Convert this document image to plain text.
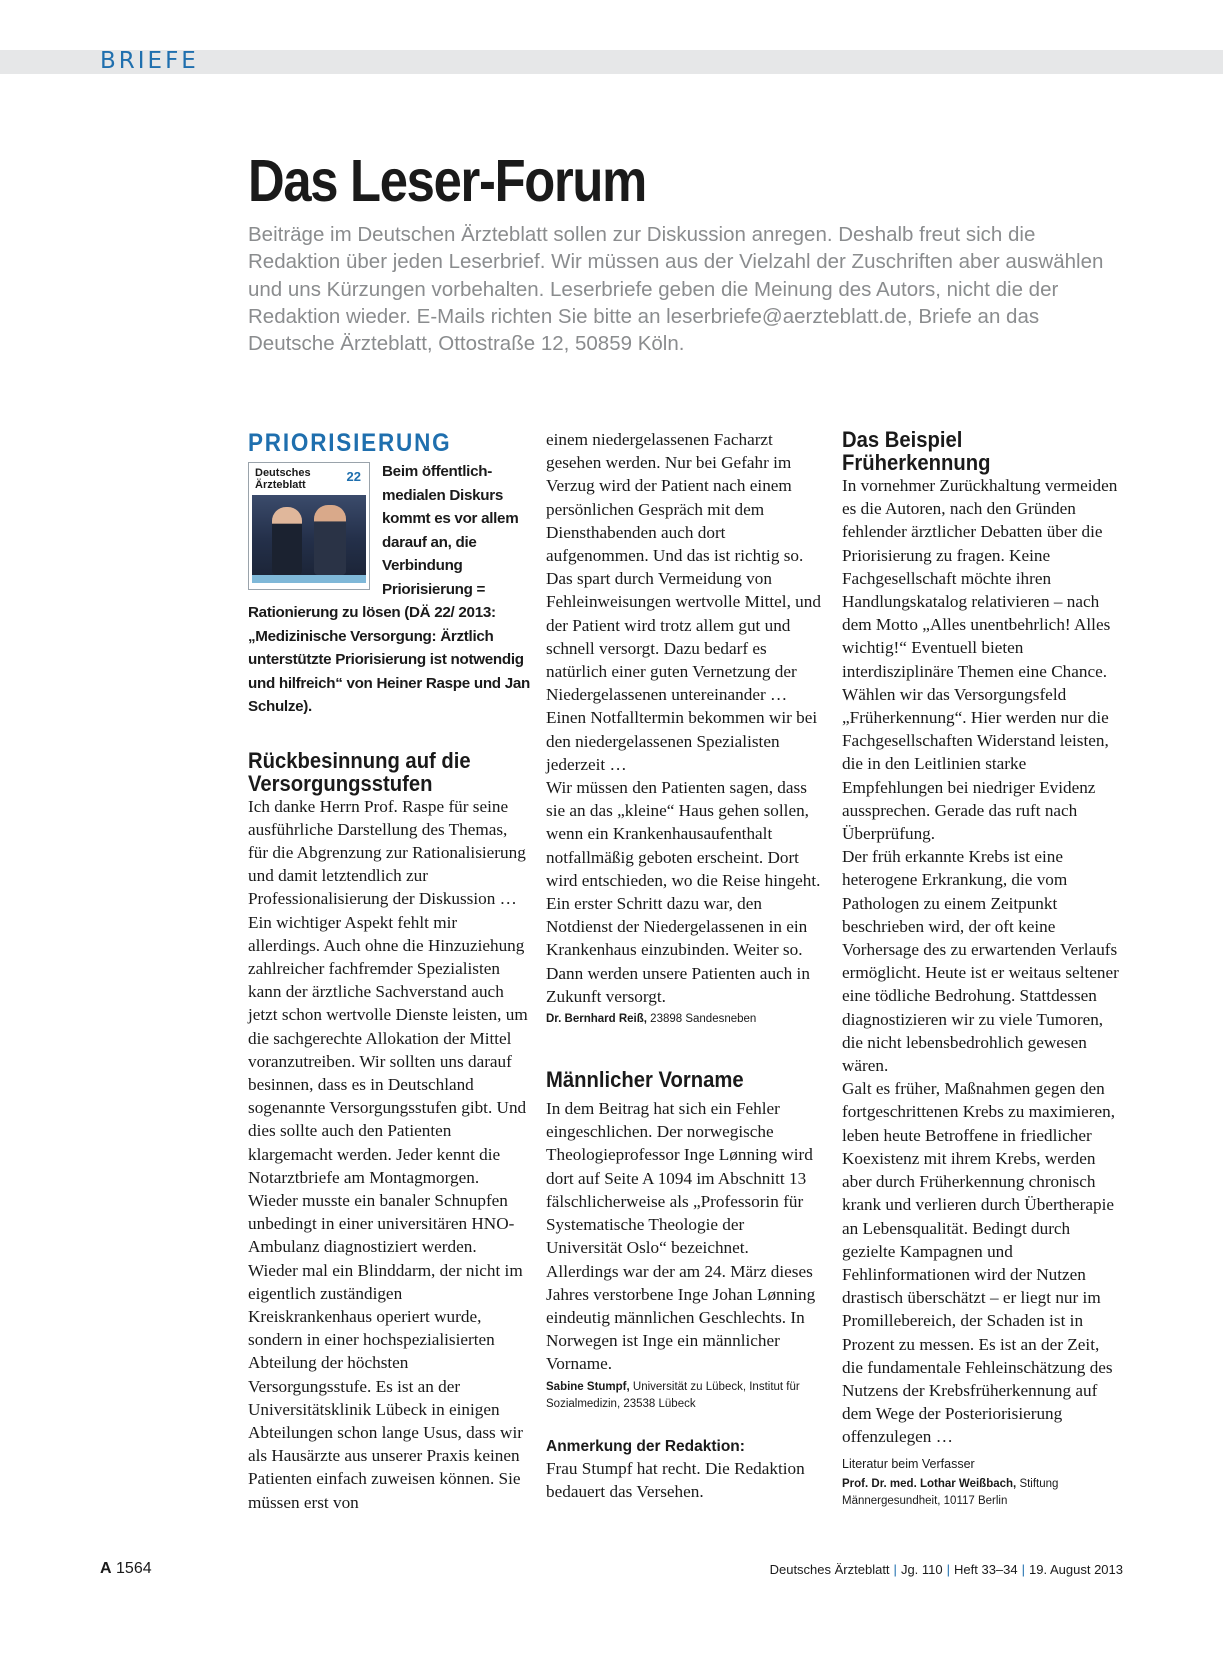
BRIEFE
Das Leser-Forum

Beiträge im Deutschen Ärzteblatt sollen zur Diskussion anregen. Deshalb freut sich die Redaktion über jeden Leserbrief. Wir müssen aus der Vielzahl der Zuschriften aber auswählen und uns Kürzungen vorbehalten. Leserbriefe geben die Meinung des Autors, nicht die der Redaktion wieder. E-Mails richten Sie bitte an leserbriefe@aerzteblatt.de, Briefe an das Deutsche Ärzteblatt, Ottostraße 12, 50859 Köln.

PRIORISIERUNG
Deutsches Ärzteblatt
22	Beim öffentlich-medialen Diskurs kommt es vor allem darauf an, die Verbindung Priorisierung = Rationierung zu lösen (DÄ 22/ 2013: „Medizinische Versorgung: Ärztlich unterstützte Priorisierung ist notwendig und hilfreich“ von Heiner Raspe und Jan Schulze).

Rückbesinnung auf die Versorgungsstufen

Ich danke Herrn Prof. Raspe für seine ausführliche Darstellung des Themas, für die Abgrenzung zur Rationalisierung und damit letztendlich zur Professionalisierung der Diskussion …

Ein wichtiger Aspekt fehlt mir allerdings. Auch ohne die Hinzuziehung zahlreicher fachfremder Spezialisten kann der ärztliche Sachverstand auch jetzt schon wertvolle Dienste leisten, um die sachgerechte Allokation der Mittel voranzutreiben. Wir sollten uns darauf besinnen, dass es in Deutschland sogenannte Versorgungsstufen gibt. Und dies sollte auch den Patienten klargemacht werden. Jeder kennt die Notarztbriefe am Montagmorgen. Wieder musste ein banaler Schnupfen unbedingt in einer universitären HNO-Ambulanz diagnostiziert werden. Wieder mal ein Blinddarm, der nicht im eigentlich zuständigen Kreiskrankenhaus operiert wurde, sondern in einer hochspezialisierten Abteilung der höchsten Versorgungsstufe. Es ist an der Universitätsklinik Lübeck in einigen Abteilungen schon lange Usus, dass wir als Hausärzte aus unserer Praxis keinen Patienten einfach zuweisen können. Sie müssen erst von

einem niedergelassenen Facharzt gesehen werden. Nur bei Gefahr im Verzug wird der Patient nach einem persönlichen Gespräch mit dem Diensthabenden auch dort aufgenommen. Und das ist richtig so. Das spart durch Vermeidung von Fehleinweisungen wertvolle Mittel, und der Patient wird trotz allem gut und schnell versorgt. Dazu bedarf es natürlich einer guten Vernetzung der Niedergelassenen untereinander … Einen Notfalltermin bekommen wir bei den niedergelassenen Spezialisten jederzeit …

Wir müssen den Patienten sagen, dass sie an das „kleine“ Haus gehen sollen, wenn ein Krankenhausaufenthalt notfallmäßig geboten erscheint. Dort wird entschieden, wo die Reise hingeht. Ein erster Schritt dazu war, den Notdienst der Niedergelassenen in ein Krankenhaus einzubinden. Weiter so. Dann werden unsere Patienten auch in Zukunft versorgt.

Dr. Bernhard Reiß, 23898 Sandesneben

Männlicher Vorname

In dem Beitrag hat sich ein Fehler eingeschlichen. Der norwegische Theologieprofessor Inge Lønning wird dort auf Seite A 1094 im Abschnitt 13 fälschlicherweise als „Professorin für Systematische Theologie der Universität Oslo“ bezeichnet. Allerdings war der am 24. März dieses Jahres verstorbene Inge Johan Lønning eindeutig männlichen Geschlechts. In Norwegen ist Inge ein männlicher Vorname.

Sabine Stumpf, Universität zu Lübeck, Institut für Sozialmedizin, 23538 Lübeck

Anmerkung der Redaktion:

Frau Stumpf hat recht. Die Redaktion bedauert das Versehen.

Das Beispiel
Früherkennung

In vornehmer Zurückhaltung vermeiden es die Autoren, nach den Gründen fehlender ärztlicher Debatten über die Priorisierung zu fragen. Keine Fachgesellschaft möchte ihren Handlungskatalog relativieren – nach dem Motto „Alles unentbehrlich! Alles wichtig!“ Eventuell bieten interdisziplinäre Themen eine Chance. Wählen wir das Versorgungsfeld „Früherkennung“. Hier werden nur die Fachgesellschaften Widerstand leisten, die in den Leitlinien starke Empfehlungen bei niedriger Evidenz aussprechen. Gerade das ruft nach Überprüfung.

Der früh erkannte Krebs ist eine heterogene Erkrankung, die vom Pathologen zu einem Zeitpunkt beschrieben wird, der oft keine Vorhersage des zu erwartenden Verlaufs ermöglicht. Heute ist er weitaus seltener eine tödliche Bedrohung. Stattdessen diagnostizieren wir zu viele Tumoren, die nicht lebensbedrohlich gewesen wären.

Galt es früher, Maßnahmen gegen den fortgeschrittenen Krebs zu maximieren, leben heute Betroffene in friedlicher Koexistenz mit ihrem Krebs, werden aber durch Früherkennung chronisch krank und verlieren durch Übertherapie an Lebensqualität. Bedingt durch gezielte Kampagnen und Fehlinformationen wird der Nutzen drastisch überschätzt – er liegt nur im Promillebereich, der Schaden ist in Prozent zu messen. Es ist an der Zeit, die fundamentale Fehleinschätzung des Nutzens der Krebsfrüherkennung auf dem Wege der Posteriorisierung offenzulegen …

Literatur beim Verfasser

Prof. Dr. med. Lothar Weißbach, Stiftung Männergesundheit, 10117 Berlin

A 1564	Deutsches Ärzteblatt | Jg. 110 | Heft 33–34 | 19. August 2013
